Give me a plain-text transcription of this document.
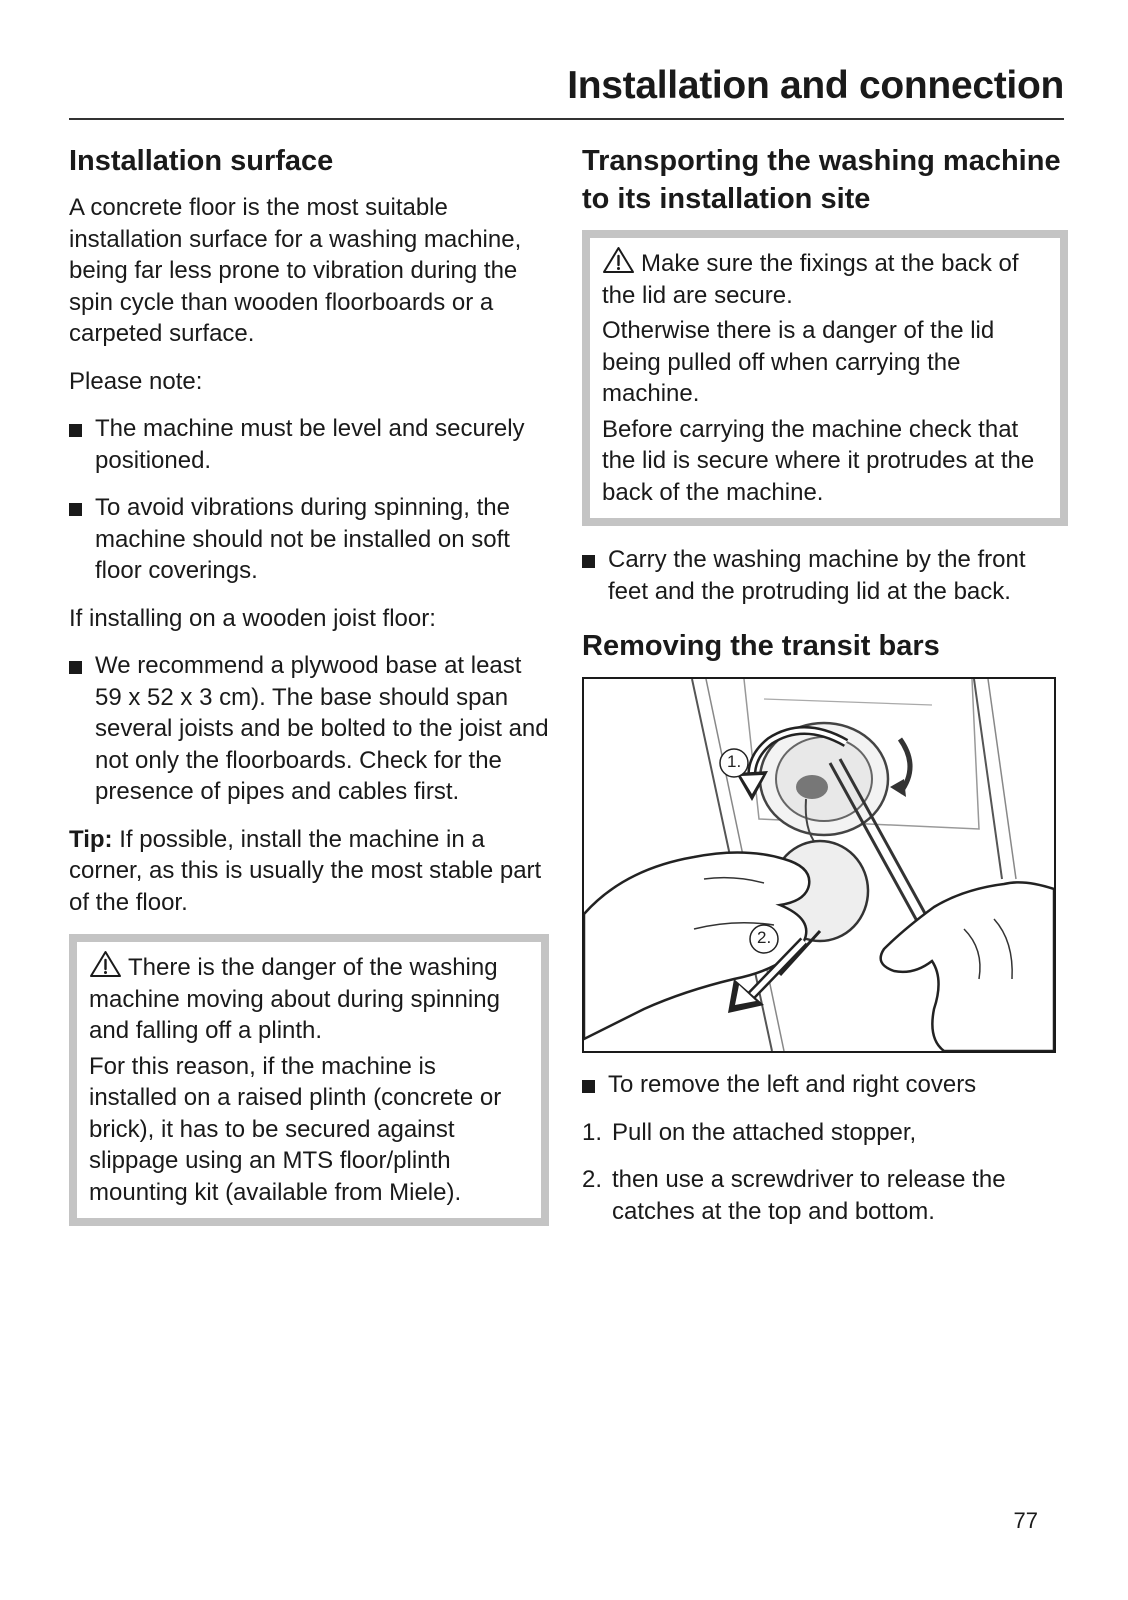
Installation and connection
Installation surface

A concrete floor is the most suitable installation surface for a washing machine, being far less prone to vibration during the spin cycle than wooden floorboards or a carpeted surface.

Please note:

The machine must be level and securely positioned.
To avoid vibrations during spinning, the machine should not be installed on soft floor coverings.

If installing on a wooden joist floor:

We recommend a plywood base at least 59 x 52 x 3 cm). The base should span several joists and be bolted to the joist and not only the floorboards. Check for the presence of pipes and cables first.

Tip: If possible, install the machine in a corner, as this is usually the most stable part of the floor.

There is the danger of the washing machine moving about during spinning and falling off a plinth.

For this reason, if the machine is installed on a raised plinth (concrete or brick), it has to be secured against slippage using an MTS floor/plinth mounting kit (available from Miele).

Transporting the washing machine to its installation site

Make sure the fixings at the back of the lid are secure.

Otherwise there is a danger of the lid being pulled off when carrying the machine.

Before carrying the machine check that the lid is secure where it protrudes at the back of the machine.

Carry the washing machine by the front feet and the protruding lid at the back.
Removing the transit bars
1.
2.
To remove the left and right covers
1. Pull on the attached stopper,
2. then use a screwdriver to release the catches at the top and bottom.
77
